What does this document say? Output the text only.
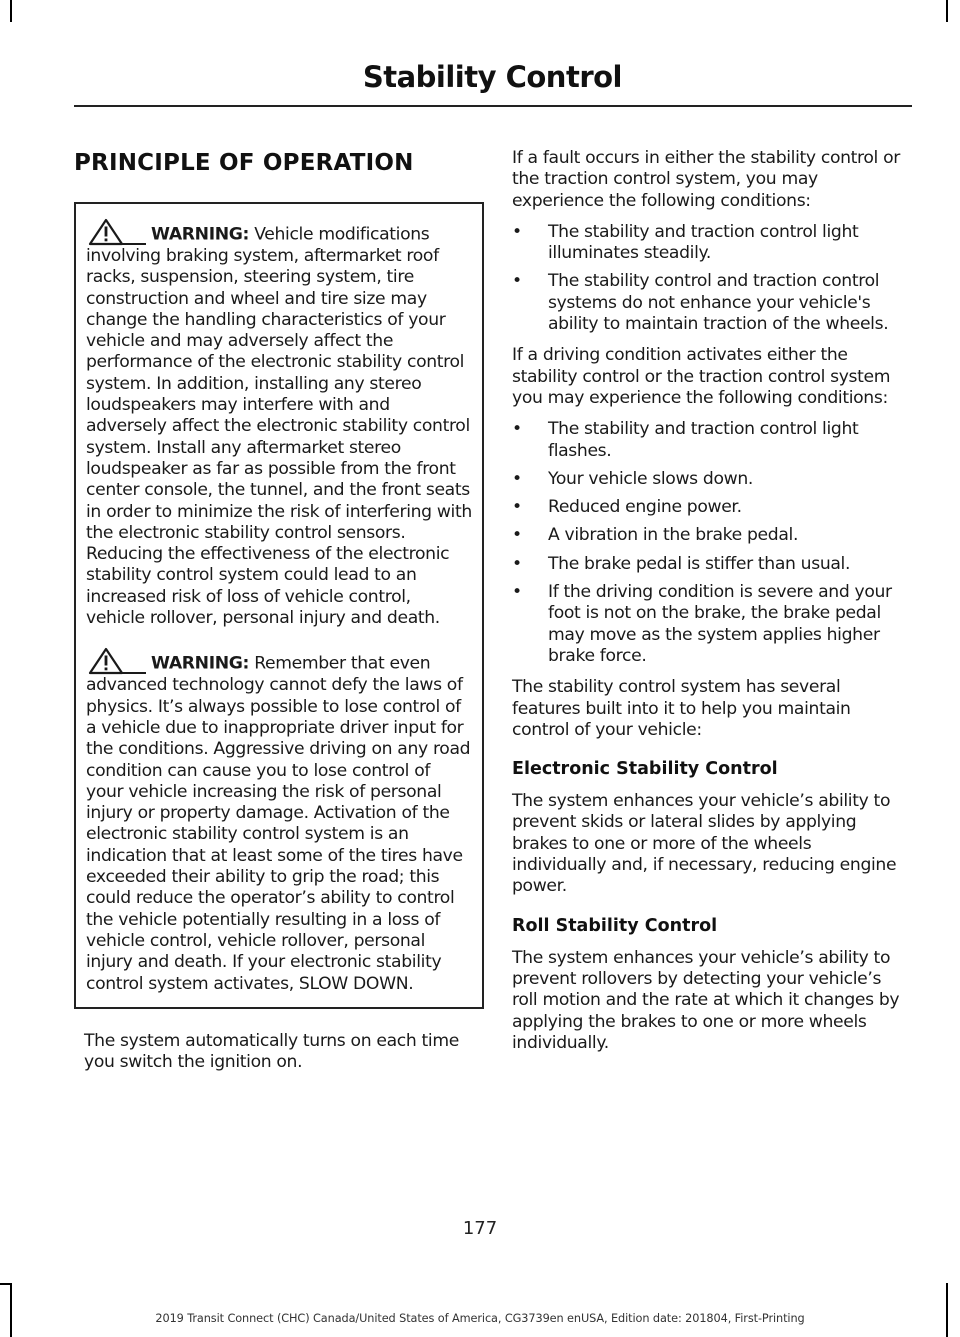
Stability Control
PRINCIPLE OF OPERATION

WARNING: Vehicle modifications involving braking system, aftermarket roof racks, suspension, steering system, tire construction and wheel and tire size may change the handling characteristics of your vehicle and may adversely affect the performance of the electronic stability control system. In addition, installing any stereo loudspeakers may interfere with and adversely affect the electronic stability control system. Install any aftermarket stereo loudspeaker as far as possible from the front center console, the tunnel, and the front seats in order to minimize the risk of interfering with the electronic stability control sensors. Reducing the effectiveness of the electronic stability control system could lead to an increased risk of loss of vehicle control, vehicle rollover, personal injury and death.

WARNING: Remember that even advanced technology cannot defy the laws of physics. It’s always possible to lose control of a vehicle due to inappropriate driver input for the conditions. Aggressive driving on any road condition can cause you to lose control of your vehicle increasing the risk of personal injury or property damage. Activation of the electronic stability control system is an indication that at least some of the tires have exceeded their ability to grip the road; this could reduce the operator’s ability to control the vehicle potentially resulting in a loss of vehicle control, vehicle rollover, personal injury and death. If your electronic stability control system activates, SLOW DOWN.

The system automatically turns on each time you switch the ignition on.

If a fault occurs in either the stability control or the traction control system, you may experience the following conditions:

• The stability and traction control light illuminates steadily.
• The stability control and traction control systems do not enhance your vehicle's ability to maintain traction of the wheels.

If a driving condition activates either the stability control or the traction control system you may experience the following conditions:

• The stability and traction control light flashes.
• Your vehicle slows down.
• Reduced engine power.
• A vibration in the brake pedal.
• The brake pedal is stiffer than usual.
• If the driving condition is severe and your foot is not on the brake, the brake pedal may move as the system applies higher brake force.

The stability control system has several features built into it to help you maintain control of your vehicle:

Electronic Stability Control

The system enhances your vehicle’s ability to prevent skids or lateral slides by applying brakes to one or more of the wheels individually and, if necessary, reducing engine power.

Roll Stability Control

The system enhances your vehicle’s ability to prevent rollovers by detecting your vehicle’s roll motion and the rate at which it changes by applying the brakes to one or more wheels individually.

177
2019 Transit Connect (CHC) Canada/United States of America, CG3739en enUSA, Edition date: 201804, First-Printing
